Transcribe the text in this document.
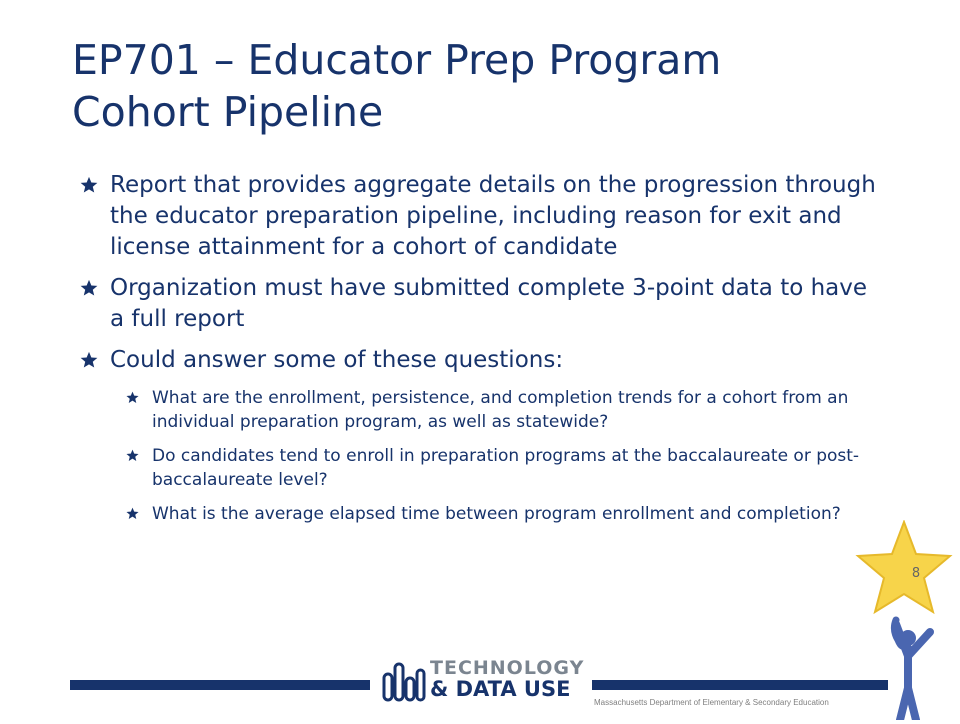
EP701 – Educator Prep Program
Cohort Pipeline
Report that provides aggregate details on the progression through the educator preparation pipeline, including reason for exit and license attainment for a cohort of candidate
Organization must have submitted complete 3-point data to have a full report
Could answer some of these questions:
What are the enrollment, persistence, and completion trends for a cohort from an individual preparation program, as well as statewide?
Do candidates tend to enroll in preparation programs at the baccalaureate or post-baccalaureate level?
What is the average elapsed time between program enrollment and completion?
8
TECHNOLOGY
& DATA USE
Massachusetts Department of Elementary & Secondary Education
